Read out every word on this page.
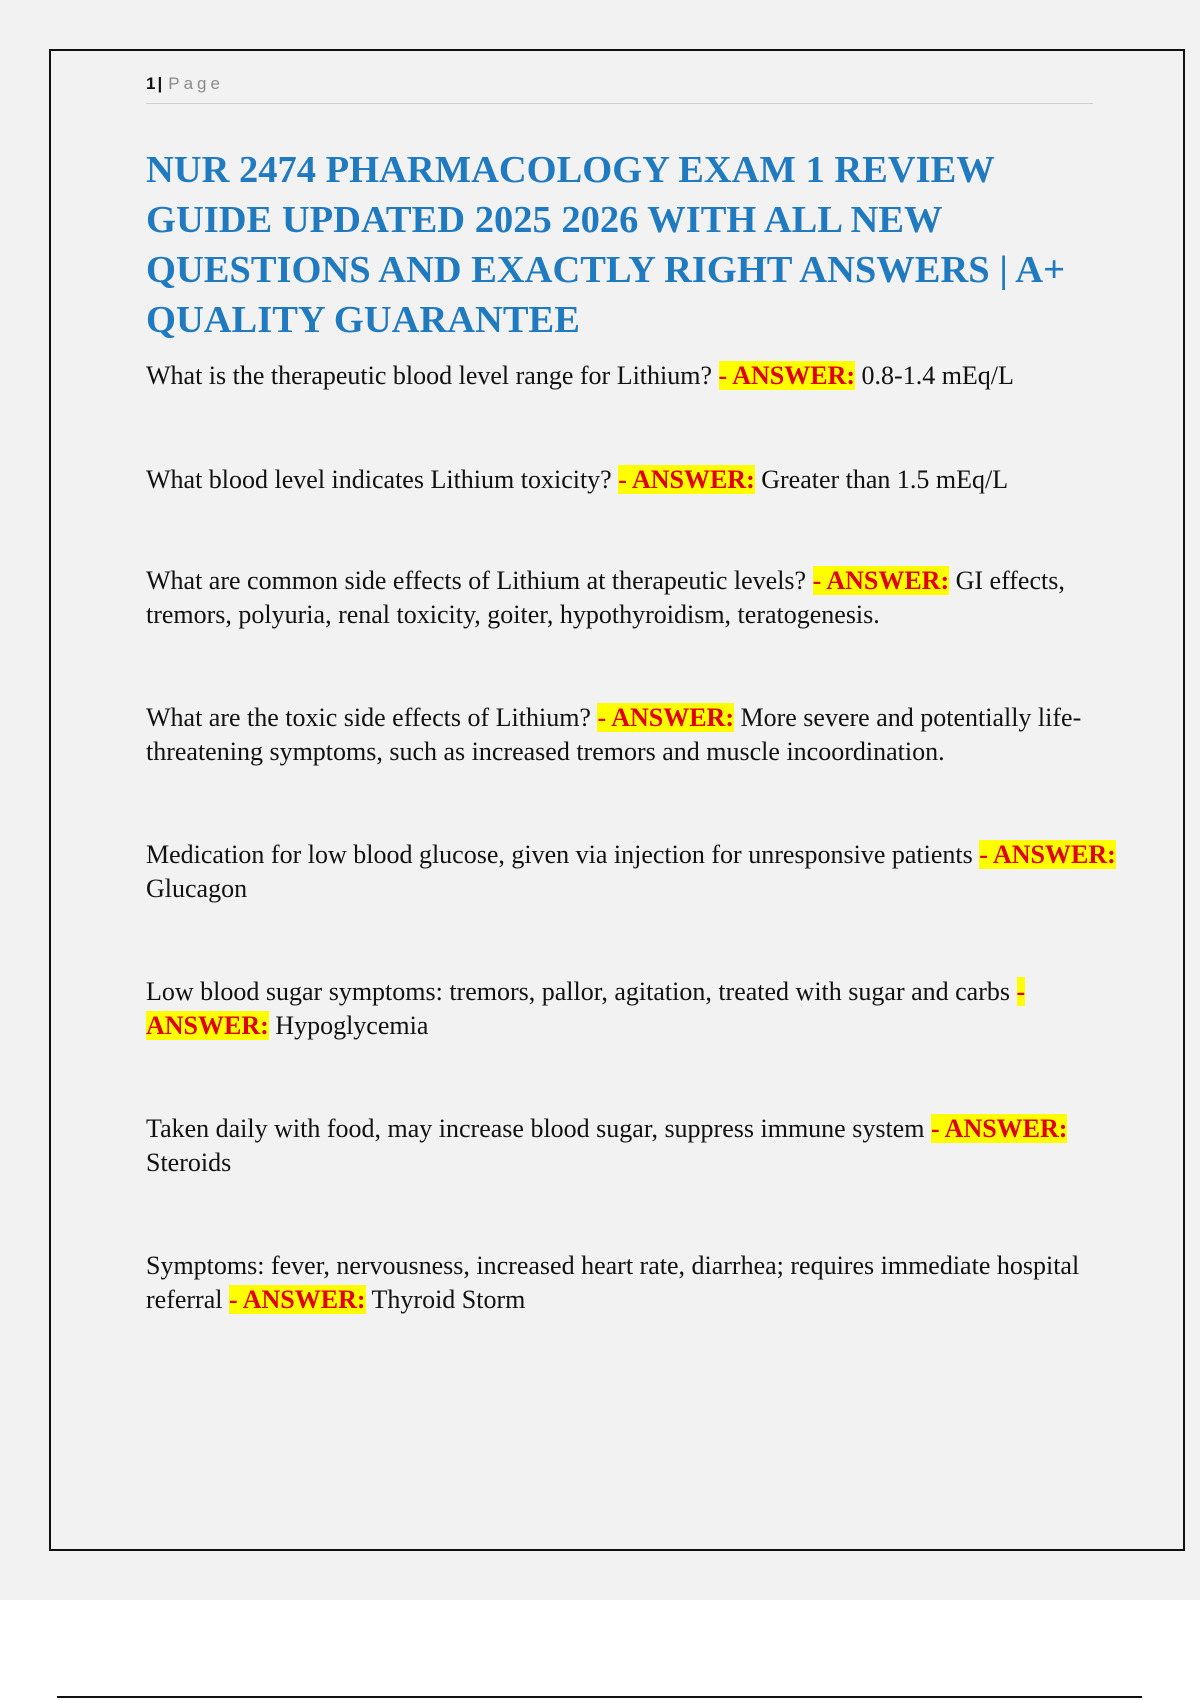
1 | Page
NUR 2474 PHARMACOLOGY EXAM 1 REVIEW GUIDE UPDATED 2025 2026 WITH ALL NEW QUESTIONS AND EXACTLY RIGHT ANSWERS | A+ QUALITY GUARANTEE
What is the therapeutic blood level range for Lithium? - ANSWER: 0.8-1.4 mEq/L
What blood level indicates Lithium toxicity? - ANSWER: Greater than 1.5 mEq/L
What are common side effects of Lithium at therapeutic levels? - ANSWER: GI effects, tremors, polyuria, renal toxicity, goiter, hypothyroidism, teratogenesis.
What are the toxic side effects of Lithium? - ANSWER: More severe and potentially life-threatening symptoms, such as increased tremors and muscle incoordination.
Medication for low blood glucose, given via injection for unresponsive patients - ANSWER: Glucagon
Low blood sugar symptoms: tremors, pallor, agitation, treated with sugar and carbs - ANSWER: Hypoglycemia
Taken daily with food, may increase blood sugar, suppress immune system - ANSWER: Steroids
Symptoms: fever, nervousness, increased heart rate, diarrhea; requires immediate hospital referral - ANSWER: Thyroid Storm
